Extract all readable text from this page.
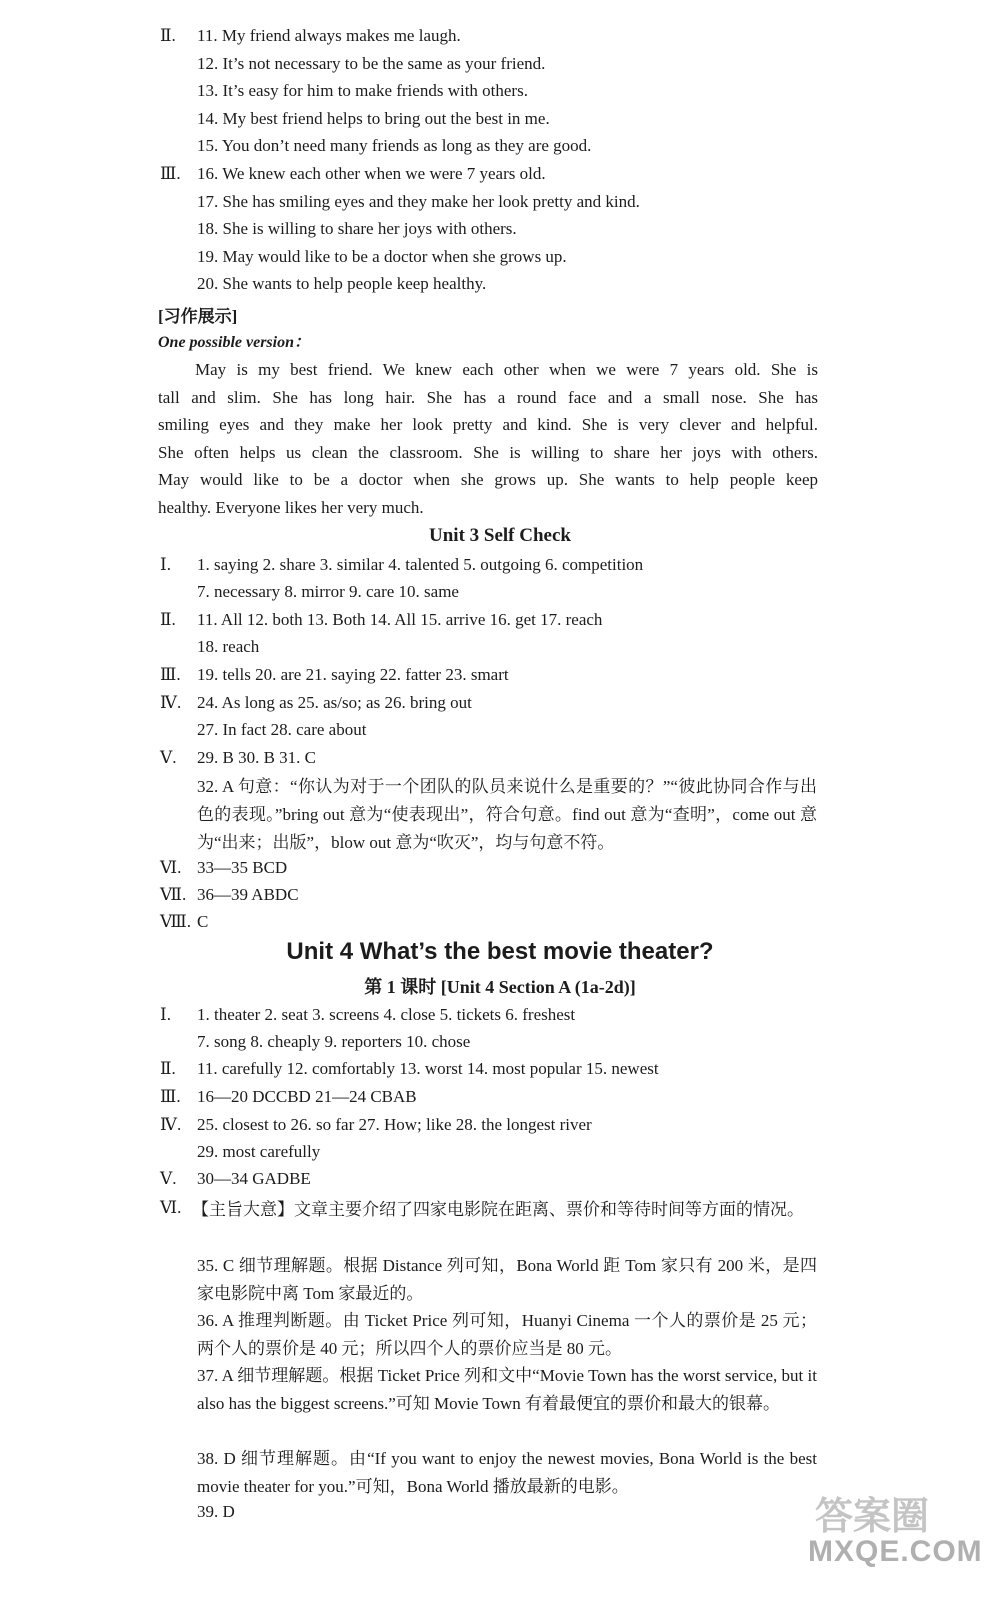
Ⅱ. 11. My friend always makes me laugh.
12. It’s not necessary to be the same as your friend.
13. It’s easy for him to make friends with others.
14. My best friend helps to bring out the best in me.
15. You don’t need many friends as long as they are good.
Ⅲ. 16. We knew each other when we were 7 years old.
17. She has smiling eyes and they make her look pretty and kind.
18. She is willing to share her joys with others.
19. May would like to be a doctor when she grows up.
20. She wants to help people keep healthy.
[习作展示]
One possible version：
May is my best friend. We knew each other when we were 7 years old. She is
tall and slim. She has long hair. She has a round face and a small nose. She has
smiling eyes and they make her look pretty and kind. She is very clever and helpful.
She often helps us clean the classroom. She is willing to share her joys with others.
May would like to be a doctor when she grows up. She wants to help people keep
healthy. Everyone likes her very much.
Unit 3 Self Check
Ⅰ. 1. saying 2. share 3. similar 4. talented 5. outgoing 6. competition
7. necessary 8. mirror 9. care 10. same
Ⅱ. 11. All 12. both 13. Both 14. All 15. arrive 16. get 17. reach
18. reach
Ⅲ. 19. tells 20. are 21. saying 22. fatter 23. smart
Ⅳ. 24. As long as 25. as/so; as 26. bring out
27. In fact 28. care about
Ⅴ. 29. B 30. B 31. C
32. A 句意：“你认为对于一个团队的队员来说什么是重要的？”“彼此协同合作与出色的表现。”bring out 意为“使表现出”，符合句意。find out 意为“查明”，come out 意为“出来；出版”，blow out 意为“吹灭”，均与句意不符。
Ⅵ. 33—35 BCD
Ⅶ. 36—39 ABDC
Ⅷ. C
Unit 4 What’s the best movie theater?
第 1 课时 [Unit 4 Section A (1a-2d)]
Ⅰ. 1. theater 2. seat 3. screens 4. close 5. tickets 6. freshest
7. song 8. cheaply 9. reporters 10. chose
Ⅱ. 11. carefully 12. comfortably 13. worst 14. most popular 15. newest
Ⅲ. 16—20 DCCBD 21—24 CBAB
Ⅳ. 25. closest to 26. so far 27. How; like 28. the longest river
29. most carefully
Ⅴ. 30—34 GADBE
Ⅵ. 【主旨大意】文章主要介绍了四家电影院在距离、票价和等待时间等方面的情况。
35. C 细节理解题。根据 Distance 列可知，Bona World 距 Tom 家只有 200 米，是四家电影院中离 Tom 家最近的。
36. A 推理判断题。由 Ticket Price 列可知，Huanyi Cinema 一个人的票价是 25 元；两个人的票价是 40 元；所以四个人的票价应当是 80 元。
37. A 细节理解题。根据 Ticket Price 列和文中“Movie Town has the worst service, but it also has the biggest screens.”可知 Movie Town 有着最便宜的票价和最大的银幕。
38. D 细节理解题。由“If you want to enjoy the newest movies, Bona World is the best movie theater for you.”可知，Bona World 播放最新的电影。
39. D	答案圈
MXQE.COM
